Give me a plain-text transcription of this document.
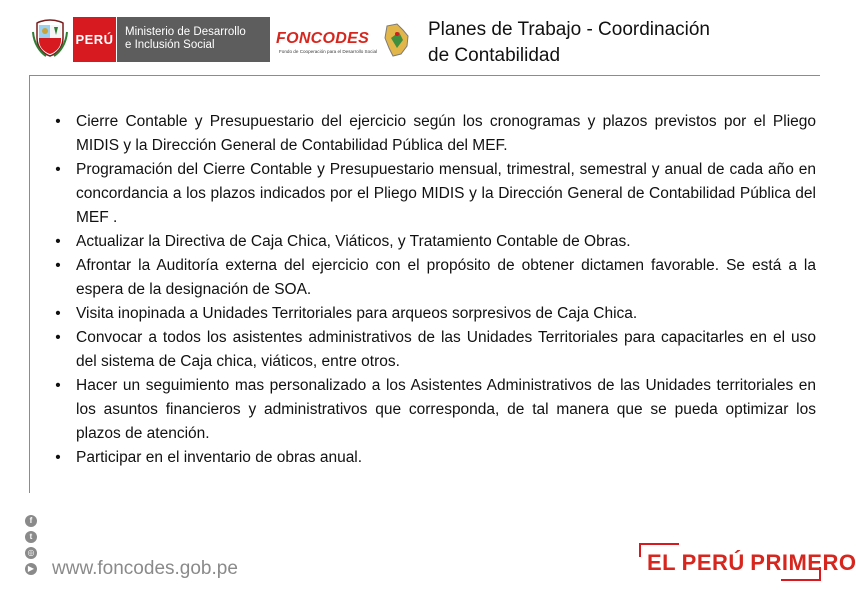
PERÚ Ministerio de Desarrollo
e Inclusión Social	FONCODES
Fondo de Cooperación para el Desarrollo Social
Planes de Trabajo - Coordinación
de Contabilidad
• Cierre Contable y Presupuestario del ejercicio según los cronogramas y plazos previstos por el Pliego MIDIS y la Dirección General de Contabilidad Pública del MEF.
• Programación del Cierre Contable y Presupuestario mensual, trimestral, semestral y anual de cada año en concordancia a los plazos indicados por el Pliego MIDIS y la Dirección General de Contabilidad Pública del MEF .
• Actualizar la Directiva de Caja Chica, Viáticos, y Tratamiento Contable de Obras.
• Afrontar la Auditoría externa del ejercicio con el propósito de obtener dictamen favorable. Se está a la espera de la designación de SOA.
• Visita inopinada a Unidades Territoriales para arqueos sorpresivos de Caja Chica.
• Convocar a todos los asistentes administrativos de las Unidades Territoriales para capacitarles en el uso del sistema de Caja chica, viáticos, entre otros.
• Hacer un seguimiento mas personalizado a los Asistentes Administrativos de las Unidades territoriales en los asuntos financieros y administrativos que corresponda, de tal manera que se pueda optimizar los plazos de atención.
• Participar en el inventario de obras anual.
f
t
◎
▶ www.foncodes.gob.pe	EL PERÚ PRIMERO
